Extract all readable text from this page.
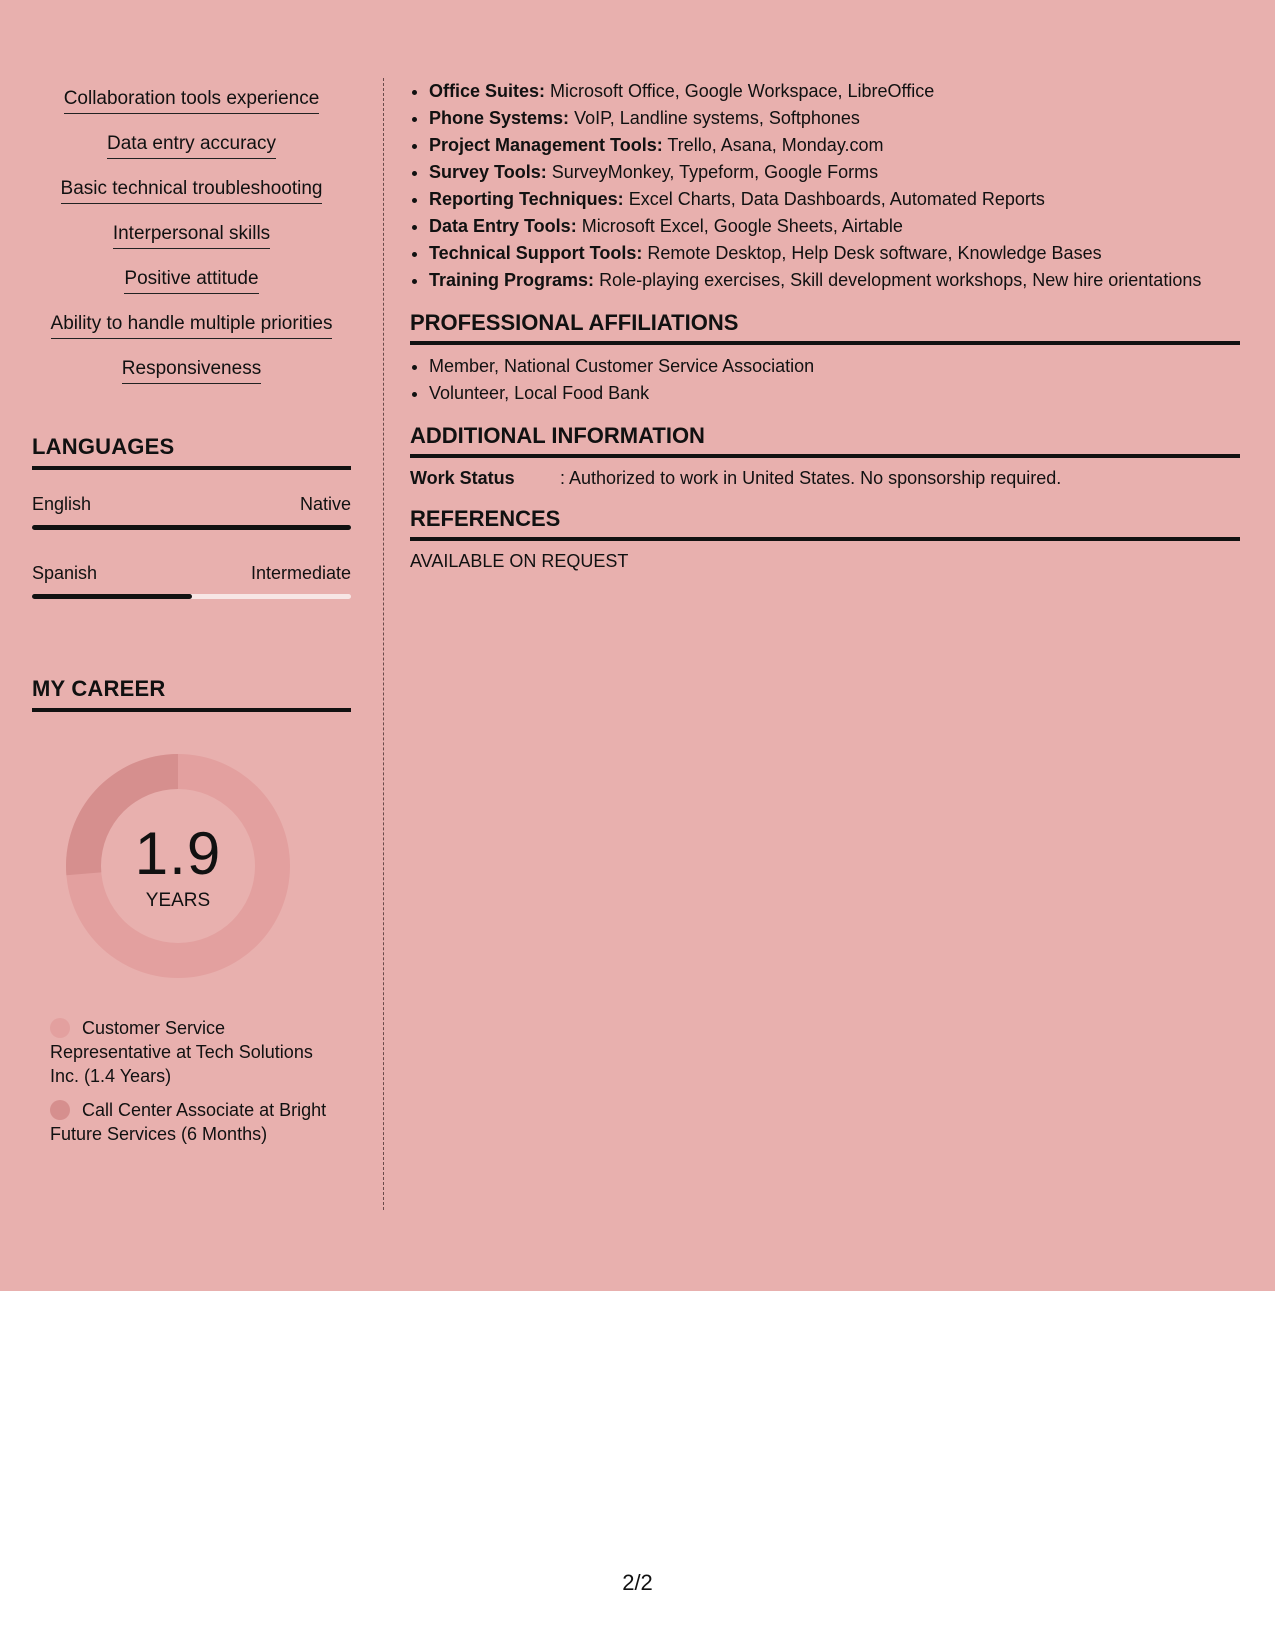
Collaboration tools experience
Data entry accuracy
Basic technical troubleshooting
Interpersonal skills
Positive attitude
Ability to handle multiple priorities
Responsiveness
LANGUAGES
English	Native
Spanish	Intermediate
MY CAREER
1.9
YEARS
Customer Service Representative at Tech Solutions Inc. (1.4 Years)
Call Center Associate at Bright Future Services (6 Months)
• Office Suites: Microsoft Office, Google Workspace, LibreOffice
• Phone Systems: VoIP, Landline systems, Softphones
• Project Management Tools: Trello, Asana, Monday.com
• Survey Tools: SurveyMonkey, Typeform, Google Forms
• Reporting Techniques: Excel Charts, Data Dashboards, Automated Reports
• Data Entry Tools: Microsoft Excel, Google Sheets, Airtable
• Technical Support Tools: Remote Desktop, Help Desk software, Knowledge Bases
• Training Programs: Role-playing exercises, Skill development workshops, New hire orientations
PROFESSIONAL AFFILIATIONS
• Member, National Customer Service Association
• Volunteer, Local Food Bank
ADDITIONAL INFORMATION
Work Status	: Authorized to work in United States. No sponsorship required.
REFERENCES
AVAILABLE ON REQUEST
2/2
